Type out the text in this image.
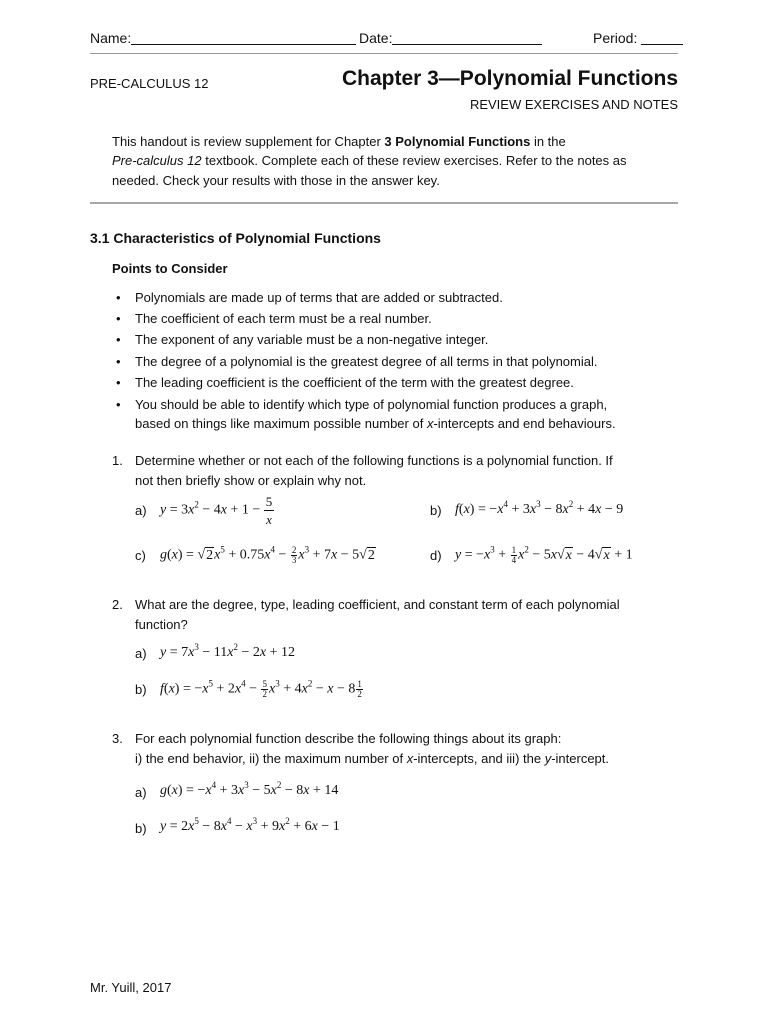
Name:	Date:	Period:
PRE-CALCULUS 12	Chapter 3—Polynomial Functions
REVIEW EXERCISES AND NOTES
This handout is review supplement for Chapter 3 Polynomial Functions in the
Pre-calculus 12 textbook. Complete each of these review exercises. Refer to the notes as
needed. Check your results with those in the answer key.
3.1 Characteristics of Polynomial Functions
Points to Consider
• Polynomials are made up of terms that are added or subtracted.
• The coefficient of each term must be a real number.
• The exponent of any variable must be a non-negative integer.
• The degree of a polynomial is the greatest degree of all terms in that polynomial.
• The leading coefficient is the coefficient of the term with the greatest degree.
• You should be able to identify which type of polynomial function produces a graph,
based on things like maximum possible number of x-intercepts and end behaviours.
1. Determine whether or not each of the following functions is a polynomial function. If
not then briefly show or explain why not.
a) $y = 3x^2 - 4x + 1 - \frac{5}{x}$	b) $f(x) = -x^4 + 3x^3 - 8x^2 + 4x - 9$
c) $g(x) = √2x^5 + 0.75x^4 - \frac{2}{3} x^3 + 7x - 5√2$	d) $y = -x^3 + \frac{1}{4} x^2 - 5x√x - 4√x + 1$
2. What are the degree, type, leading coefficient, and constant term of each polynomial
function?
a) $y = 7x^3 - 11x^2 - 2x + 12$
b) $f(x) = -x^5 + 2x^4 - \frac{5}{2} x^3 + 4x^2 - x - 8 \frac{1}{2}$
3. For each polynomial function describe the following things about its graph:
i) the end behavior, ii) the maximum number of x-intercepts, and iii) the y-intercept.
a) $g(x) = -x^4 + 3x^3 - 5x^2 - 8x + 14$
b) $y = 2x^5 - 8x^4 - x^3 + 9x^2 + 6x - 1$
Mr. Yuill, 2017
